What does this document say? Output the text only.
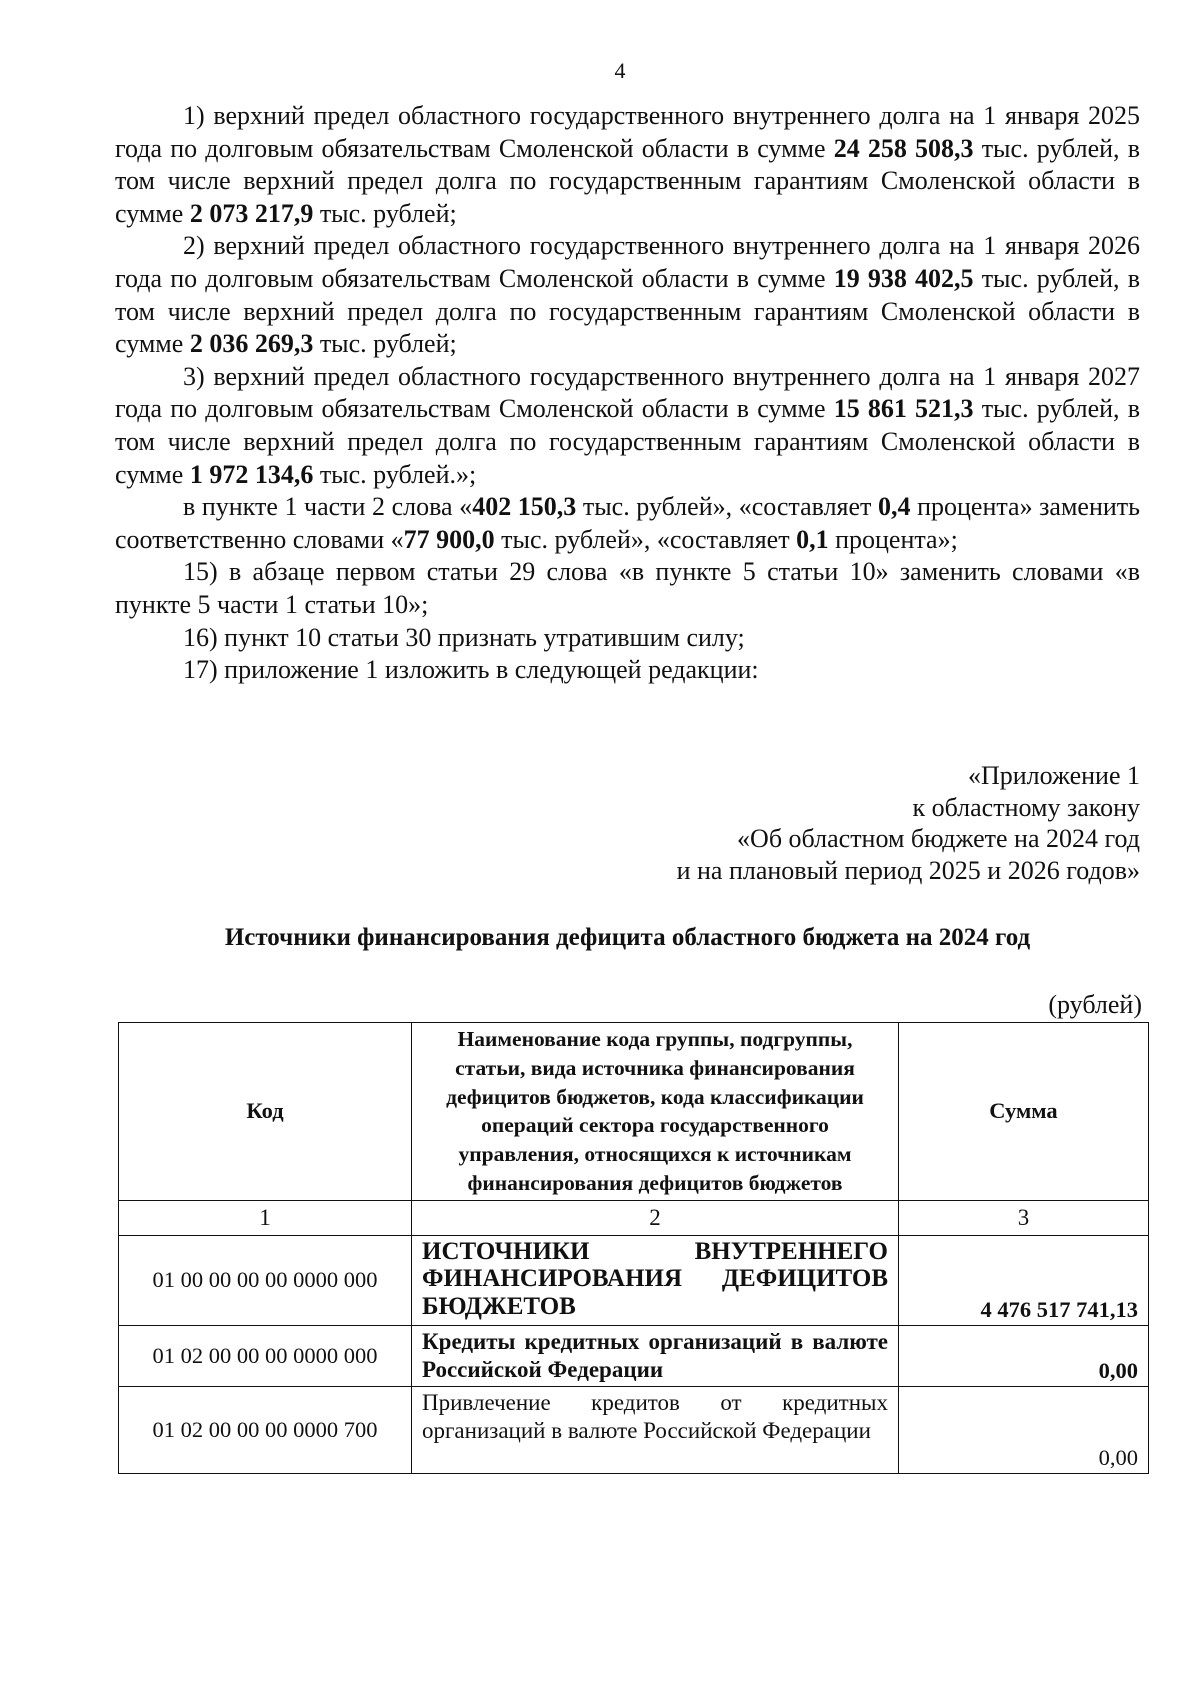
4

1) верхний предел областного государственного внутреннего долга на 1 января 2025 года по долговым обязательствам Смоленской области в сумме 24 258 508,3 тыс. рублей, в том числе верхний предел долга по государственным гарантиям Смоленской области в сумме 2 073 217,9 тыс. рублей;

2) верхний предел областного государственного внутреннего долга на 1 января 2026 года по долговым обязательствам Смоленской области в сумме 19 938 402,5 тыс. рублей, в том числе верхний предел долга по государственным гарантиям Смоленской области в сумме 2 036 269,3 тыс. рублей;

3) верхний предел областного государственного внутреннего долга на 1 января 2027 года по долговым обязательствам Смоленской области в сумме 15 861 521,3 тыс. рублей, в том числе верхний предел долга по государственным гарантиям Смоленской области в сумме 1 972 134,6 тыс. рублей.»;

в пункте 1 части 2 слова «402 150,3 тыс. рублей», «составляет 0,4 процента» заменить соответственно словами «77 900,0 тыс. рублей», «составляет 0,1 процента»;

15) в абзаце первом статьи 29 слова «в пункте 5 статьи 10» заменить словами «в пункте 5 части 1 статьи 10»;

16) пункт 10 статьи 30 признать утратившим силу;

17) приложение 1 изложить в следующей редакции:

«Приложение 1
к областному закону
«Об областном бюджете на 2024 год
и на плановый период 2025 и 2026 годов»
Источники финансирования дефицита областного бюджета на 2024 год
(рублей)
Код	Наименование кода группы, подгруппы, статьи, вида источника финансирования дефицитов бюджетов, кода классификации операций сектора государственного управления, относящихся к источникам финансирования дефицитов бюджетов	Сумма
1	2	3
01 00 00 00 00 0000 000	ИСТОЧНИКИ ВНУТРЕННЕГО ФИНАНСИРОВАНИЯ ДЕФИЦИТОВ БЮДЖЕТОВ	4 476 517 741,13
01 02 00 00 00 0000 000	Кредиты кредитных организаций в валюте Российской Федерации	0,00
01 02 00 00 00 0000 700	Привлечение кредитов от кредитных организаций в валюте Российской Федерации	0,00
